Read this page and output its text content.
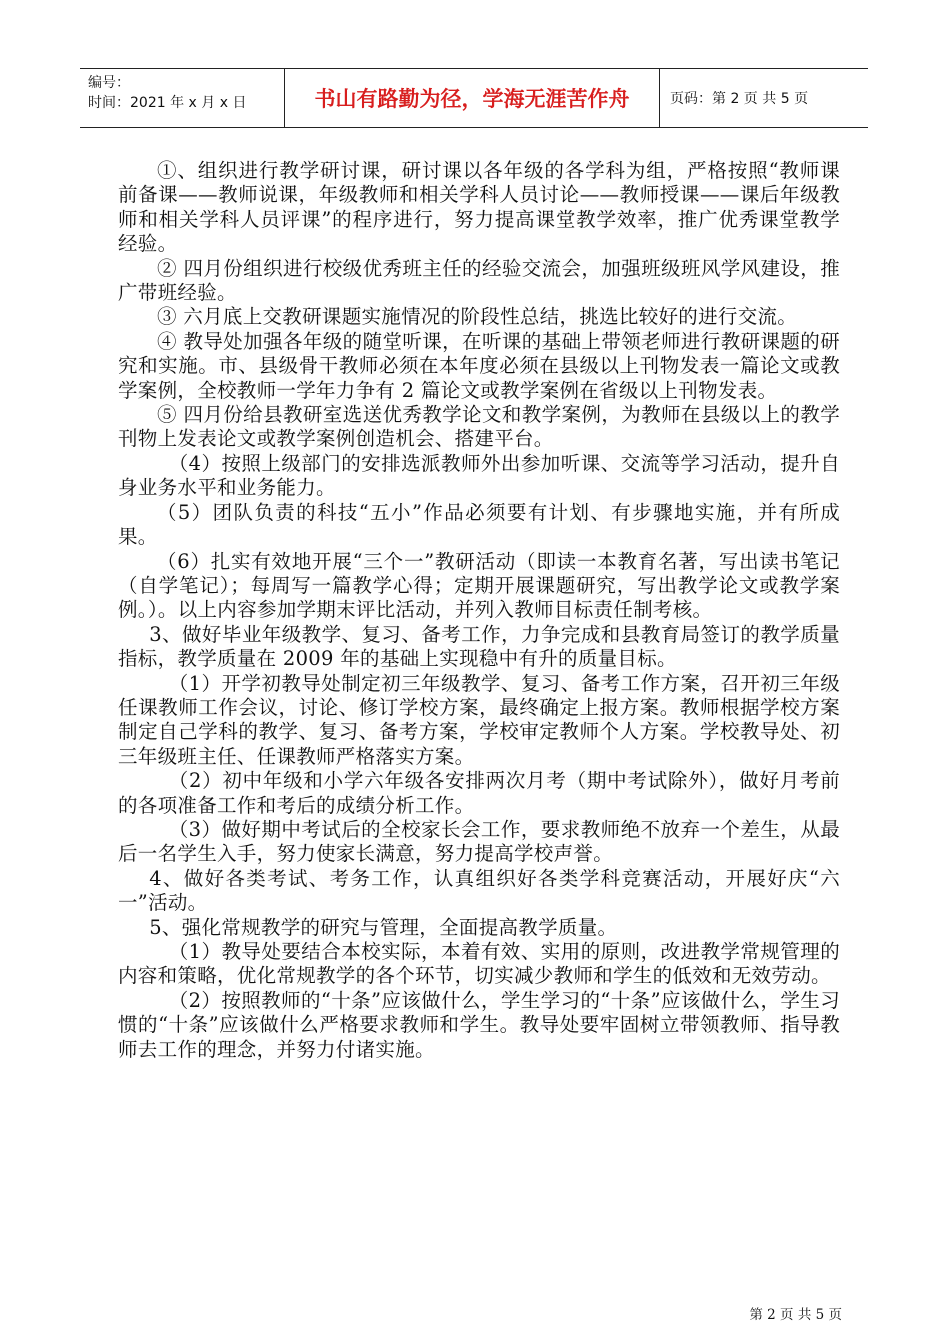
编号：
时间：2021 年 x 月 x 日	书山有路勤为径，学海无涯苦作舟	页码：第 2 页 共 5 页

①、组织进行教学研讨课，研讨课以各年级的各学科为组，严格按照“教师课前备课——教师说课，年级教师和相关学科人员讨论——教师授课——课后年级教师和相关学科人员评课”的程序进行，努力提高课堂教学效率，推广优秀课堂教学经验。

② 四月份组织进行校级优秀班主任的经验交流会，加强班级班风学风建设，推广带班经验。

③ 六月底上交教研课题实施情况的阶段性总结，挑选比较好的进行交流。

④ 教导处加强各年级的随堂听课，在听课的基础上带领老师进行教研课题的研究和实施。市、县级骨干教师必须在本年度必须在县级以上刊物发表一篇论文或教学案例，全校教师一学年力争有 2 篇论文或教学案例在省级以上刊物发表。

⑤ 四月份给县教研室选送优秀教学论文和教学案例，为教师在县级以上的教学刊物上发表论文或教学案例创造机会、搭建平台。

（4）按照上级部门的安排选派教师外出参加听课、交流等学习活动，提升自身业务水平和业务能力。

（5）团队负责的科技“五小”作品必须要有计划、有步骤地实施，并有所成果。

（6）扎实有效地开展“三个一”教研活动（即读一本教育名著，写出读书笔记（自学笔记）；每周写一篇教学心得；定期开展课题研究，写出教学论文或教学案例。）。以上内容参加学期末评比活动，并列入教师目标责任制考核。

3、做好毕业年级教学、复习、备考工作，力争完成和县教育局签订的教学质量指标，教学质量在 2009 年的基础上实现稳中有升的质量目标。

（1）开学初教导处制定初三年级教学、复习、备考工作方案，召开初三年级任课教师工作会议，讨论、修订学校方案，最终确定上报方案。教师根据学校方案制定自己学科的教学、复习、备考方案，学校审定教师个人方案。学校教导处、初三年级班主任、任课教师严格落实方案。

（2）初中年级和小学六年级各安排两次月考（期中考试除外），做好月考前的各项准备工作和考后的成绩分析工作。

（3）做好期中考试后的全校家长会工作，要求教师绝不放弃一个差生，从最后一名学生入手，努力使家长满意，努力提高学校声誉。

4、做好各类考试、考务工作，认真组织好各类学科竞赛活动，开展好庆“六一”活动。

5、强化常规教学的研究与管理，全面提高教学质量。

（1）教导处要结合本校实际，本着有效、实用的原则，改进教学常规管理的内容和策略，优化常规教学的各个环节，切实减少教师和学生的低效和无效劳动。

（2）按照教师的“十条”应该做什么，学生学习的“十条”应该做什么，学生习惯的“十条”应该做什么严格要求教师和学生。教导处要牢固树立带领教师、指导教师去工作的理念，并努力付诸实施。

第 2 页 共 5 页
